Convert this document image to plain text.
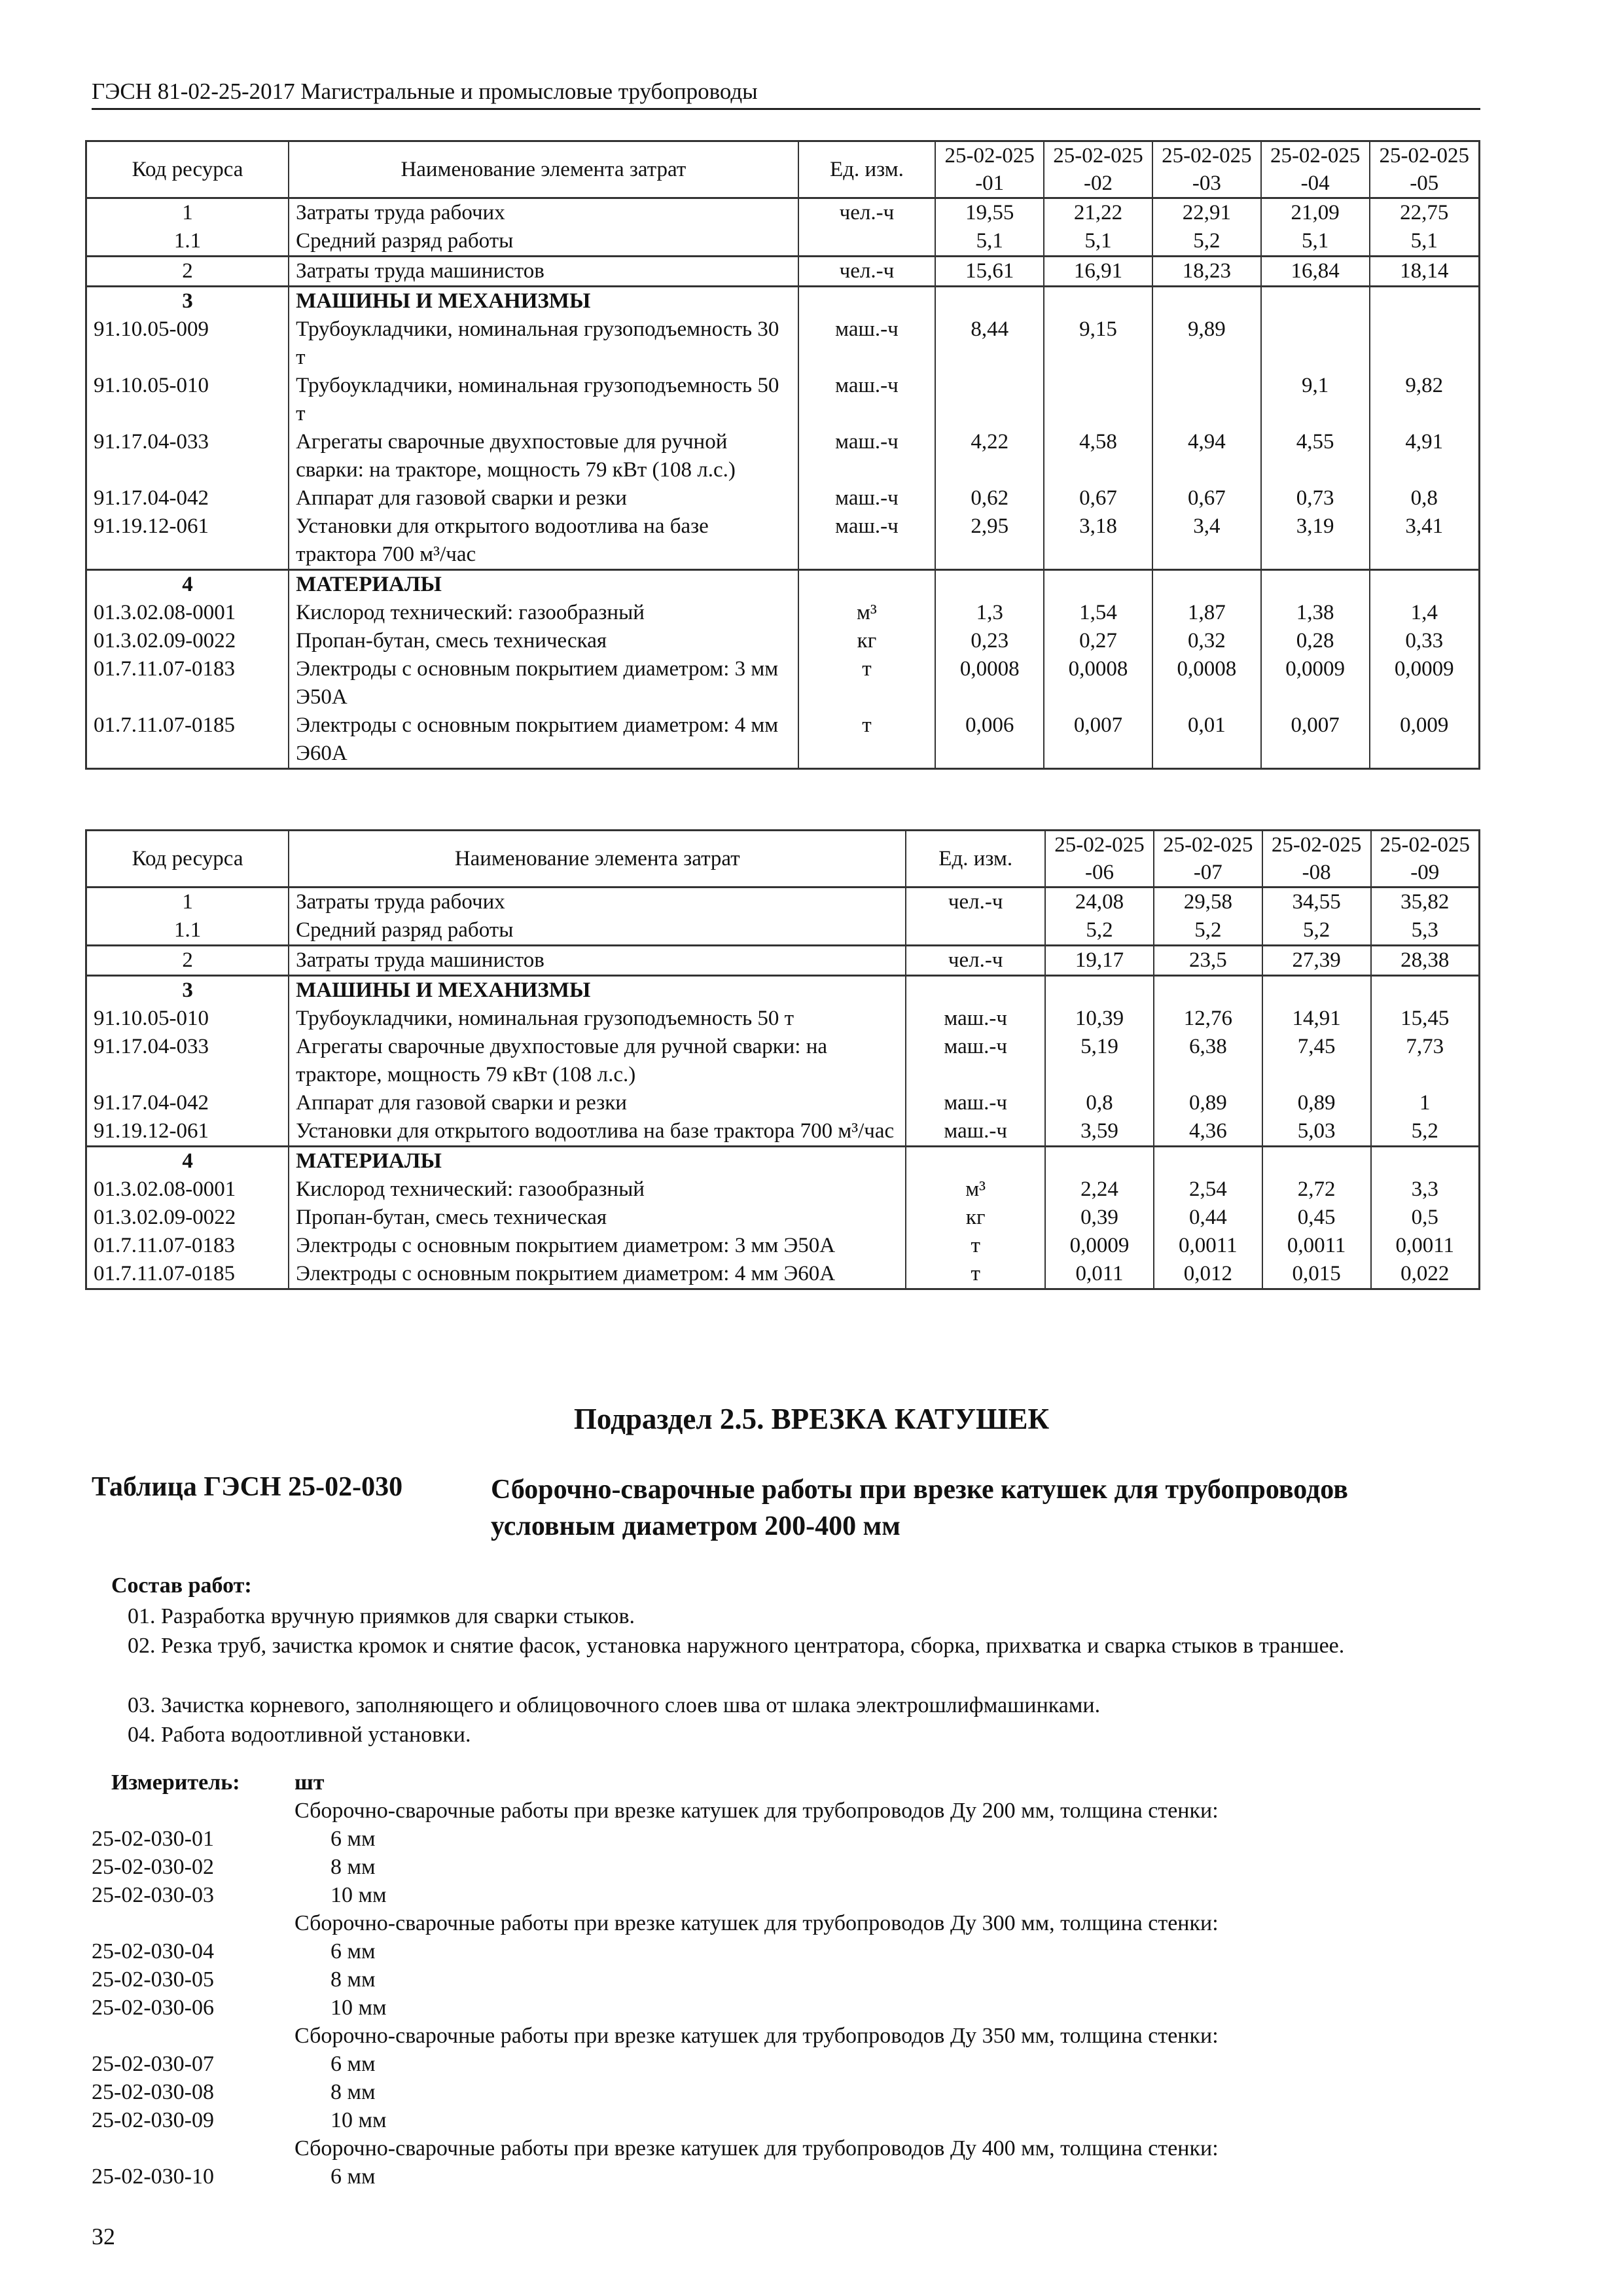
ГЭСН 81-02-25-2017 Магистральные и промысловые трубопроводы
Код ресурса	Наименование элемента затрат	Ед. изм.	25-02-025-01	25-02-025-02	25-02-025-03	25-02-025-04	25-02-025-05
1	Затраты труда рабочих	чел.-ч	19,55	21,22	22,91	21,09	22,75
1.1	Средний разряд работы		5,1	5,1	5,2	5,1	5,1
2	Затраты труда машинистов	чел.-ч	15,61	16,91	18,23	16,84	18,14
3	МАШИНЫ И МЕХАНИЗМЫ						
91.10.05-009	Трубоукладчики, номинальная грузоподъемность 30 т	маш.-ч	8,44	9,15	9,89		
91.10.05-010	Трубоукладчики, номинальная грузоподъемность 50 т	маш.-ч				9,1	9,82
91.17.04-033	Агрегаты сварочные двухпостовые для ручной сварки: на тракторе, мощность 79 кВт (108 л.с.)	маш.-ч	4,22	4,58	4,94	4,55	4,91
91.17.04-042	Аппарат для газовой сварки и резки	маш.-ч	0,62	0,67	0,67	0,73	0,8
91.19.12-061	Установки для открытого водоотлива на базе трактора 700 м³/час	маш.-ч	2,95	3,18	3,4	3,19	3,41
4	МАТЕРИАЛЫ						
01.3.02.08-0001	Кислород технический: газообразный	м³	1,3	1,54	1,87	1,38	1,4
01.3.02.09-0022	Пропан-бутан, смесь техническая	кг	0,23	0,27	0,32	0,28	0,33
01.7.11.07-0183	Электроды с основным покрытием диаметром: 3 мм Э50А	т	0,0008	0,0008	0,0008	0,0009	0,0009
01.7.11.07-0185	Электроды с основным покрытием диаметром: 4 мм Э60А	т	0,006	0,007	0,01	0,007	0,009
Код ресурса	Наименование элемента затрат	Ед. изм.	25-02-025-06	25-02-025-07	25-02-025-08	25-02-025-09
1	Затраты труда рабочих	чел.-ч	24,08	29,58	34,55	35,82
1.1	Средний разряд работы		5,2	5,2	5,2	5,3
2	Затраты труда машинистов	чел.-ч	19,17	23,5	27,39	28,38
3	МАШИНЫ И МЕХАНИЗМЫ					
91.10.05-010	Трубоукладчики, номинальная грузоподъемность 50 т	маш.-ч	10,39	12,76	14,91	15,45
91.17.04-033	Агрегаты сварочные двухпостовые для ручной сварки: на тракторе, мощность 79 кВт (108 л.с.)	маш.-ч	5,19	6,38	7,45	7,73
91.17.04-042	Аппарат для газовой сварки и резки	маш.-ч	0,8	0,89	0,89	1
91.19.12-061	Установки для открытого водоотлива на базе трактора 700 м³/час	маш.-ч	3,59	4,36	5,03	5,2
4	МАТЕРИАЛЫ					
01.3.02.08-0001	Кислород технический: газообразный	м³	2,24	2,54	2,72	3,3
01.3.02.09-0022	Пропан-бутан, смесь техническая	кг	0,39	0,44	0,45	0,5
01.7.11.07-0183	Электроды с основным покрытием диаметром: 3 мм Э50А	т	0,0009	0,0011	0,0011	0,0011
01.7.11.07-0185	Электроды с основным покрытием диаметром: 4 мм Э60А	т	0,011	0,012	0,015	0,022
Подраздел 2.5. ВРЕЗКА КАТУШЕК
Таблица ГЭСН 25-02-030	Сборочно-сварочные работы при врезке катушек для трубопроводов условным диаметром 200-400 мм
Состав работ:
01. Разработка вручную приямков для сварки стыков.
02. Резка труб, зачистка кромок и снятие фасок, установка наружного центратора, сборка, прихватка и сварка стыков в траншее.
03. Зачистка корневого, заполняющего и облицовочного слоев шва от шлака электрошлифмашинками.
04. Работа водоотливной установки.
Измеритель: шт
Сборочно-сварочные работы при врезке катушек для трубопроводов Ду 200 мм, толщина стенки:
25-02-030-01	6 мм
25-02-030-02	8 мм
25-02-030-03	10 мм
Сборочно-сварочные работы при врезке катушек для трубопроводов Ду 300 мм, толщина стенки:
25-02-030-04	6 мм
25-02-030-05	8 мм
25-02-030-06	10 мм
Сборочно-сварочные работы при врезке катушек для трубопроводов Ду 350 мм, толщина стенки:
25-02-030-07	6 мм
25-02-030-08	8 мм
25-02-030-09	10 мм
Сборочно-сварочные работы при врезке катушек для трубопроводов Ду 400 мм, толщина стенки:
25-02-030-10	6 мм
32
